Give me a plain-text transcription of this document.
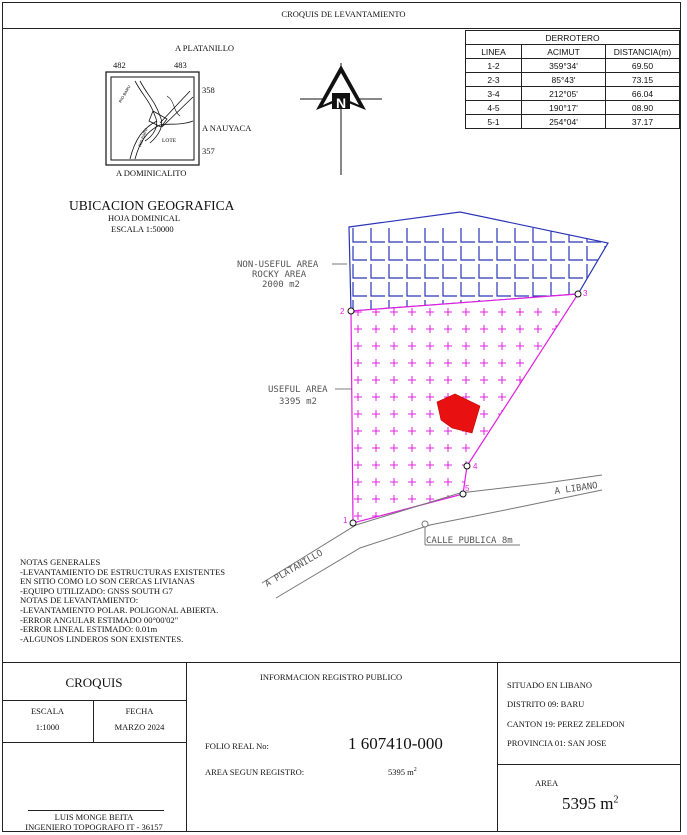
CROQUIS DE LEVANTAMIENTO
DERROTERO		
LINEA	ACIMUT	DISTANCIA(m)
1-2	359°34'	69.50
2-3	85°43'	73.15
3-4	212°05'	66.04
4-5	190°17'	08.90
5-1	254°04'	37.17
A PLATANILLO
482	483
358
357
A NAUYACA
A DOMINICALITO
LOTE
RIO BARU
RIO BARU
UBICACION GEOGRAFICA
HOJA DOMINICAL
ESCALA 1:50000
N
1
2
3
4
5
NON-USEFUL AREA
ROCKY AREA
2000 m2
USEFUL AREA
3395 m2
A PLATANILLO
A LIBANO
CALLE PUBLICA 8m
NOTAS GENERALES
-LEVANTAMIENTO DE ESTRUCTURAS EXISTENTES
EN SITIO COMO LO SON CERCAS LIVIANAS
-EQUIPO UTILIZADO: GNSS SOUTH G7
NOTAS DE LEVANTAMIENTO:
-LEVANTAMIENTO POLAR. POLIGONAL ABIERTA.
-ERROR ANGULAR ESTIMADO 00°00'02"
-ERROR LINEAL ESTIMADO: 0.01m
-ALGUNOS LINDEROS SON EXISTENTES.
CROQUIS
ESCALA
1:1000
FECHA
MARZO 2024
LUIS MONGE BEITA
INGENIERO TOPOGRAFO IT - 36157
INFORMACION REGISTRO PUBLICO
FOLIO REAL No:	1 607410-000
AREA SEGUN REGISTRO:	5395 $m^2$
SITUADO EN LIBANO
DISTRITO 09: BARU
CANTON 19: PEREZ ZELEDON
PROVINCIA 01: SAN JOSE
AREA
5395 $m^2$
